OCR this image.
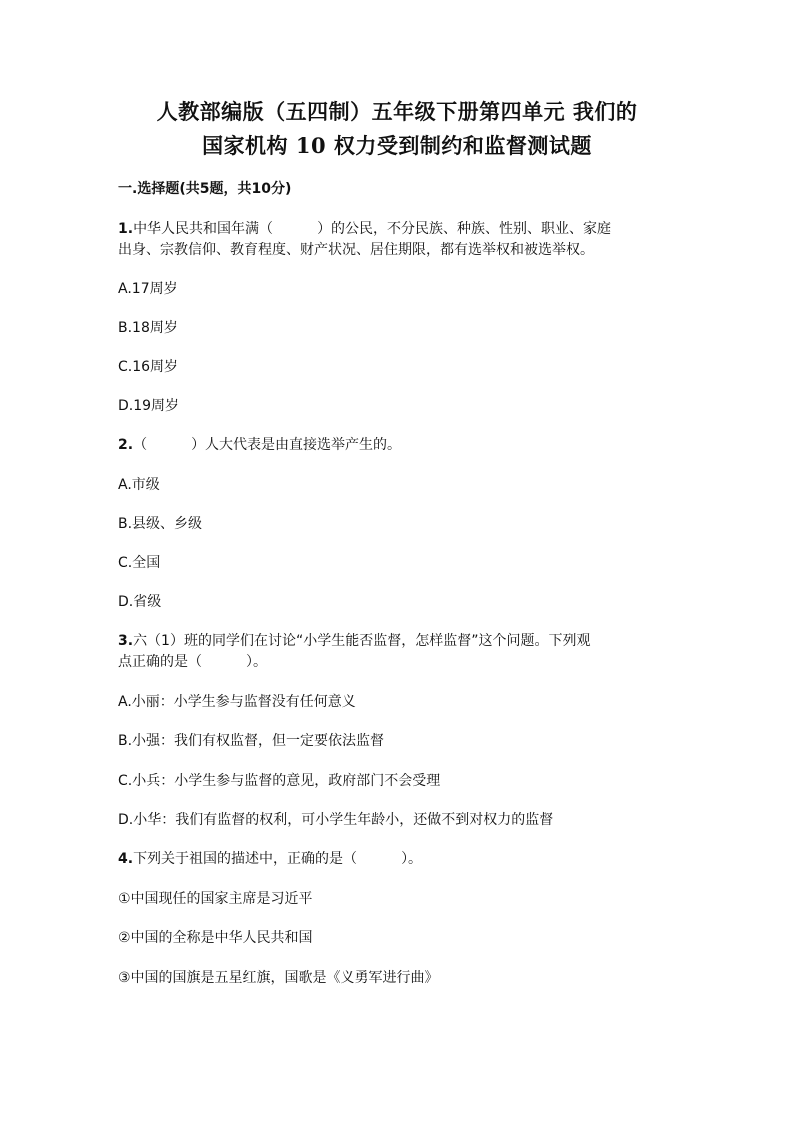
人教部编版（五四制）五年级下册第四单元 我们的
国家机构 10 权力受到制约和监督测试题
一.选择题(共5题，共10分)
1.中华人民共和国年满（	）的公民，不分民族、种族、性别、职业、家庭
出身、宗教信仰、教育程度、财产状况、居住期限，都有选举权和被选举权。
A.17周岁
B.18周岁
C.16周岁
D.19周岁
2.（	）人大代表是由直接选举产生的。
A.市级
B.县级、乡级
C.全国
D.省级
3.六（1）班的同学们在讨论“小学生能否监督，怎样监督”这个问题。下列观
点正确的是（	）。
A.小丽：小学生参与监督没有任何意义
B.小强：我们有权监督，但一定要依法监督
C.小兵：小学生参与监督的意见，政府部门不会受理
D.小华：我们有监督的权利，可小学生年龄小，还做不到对权力的监督
4.下列关于祖国的描述中，正确的是（	）。
①中国现任的国家主席是习近平
②中国的全称是中华人民共和国
③中国的国旗是五星红旗，国歌是《义勇军进行曲》
